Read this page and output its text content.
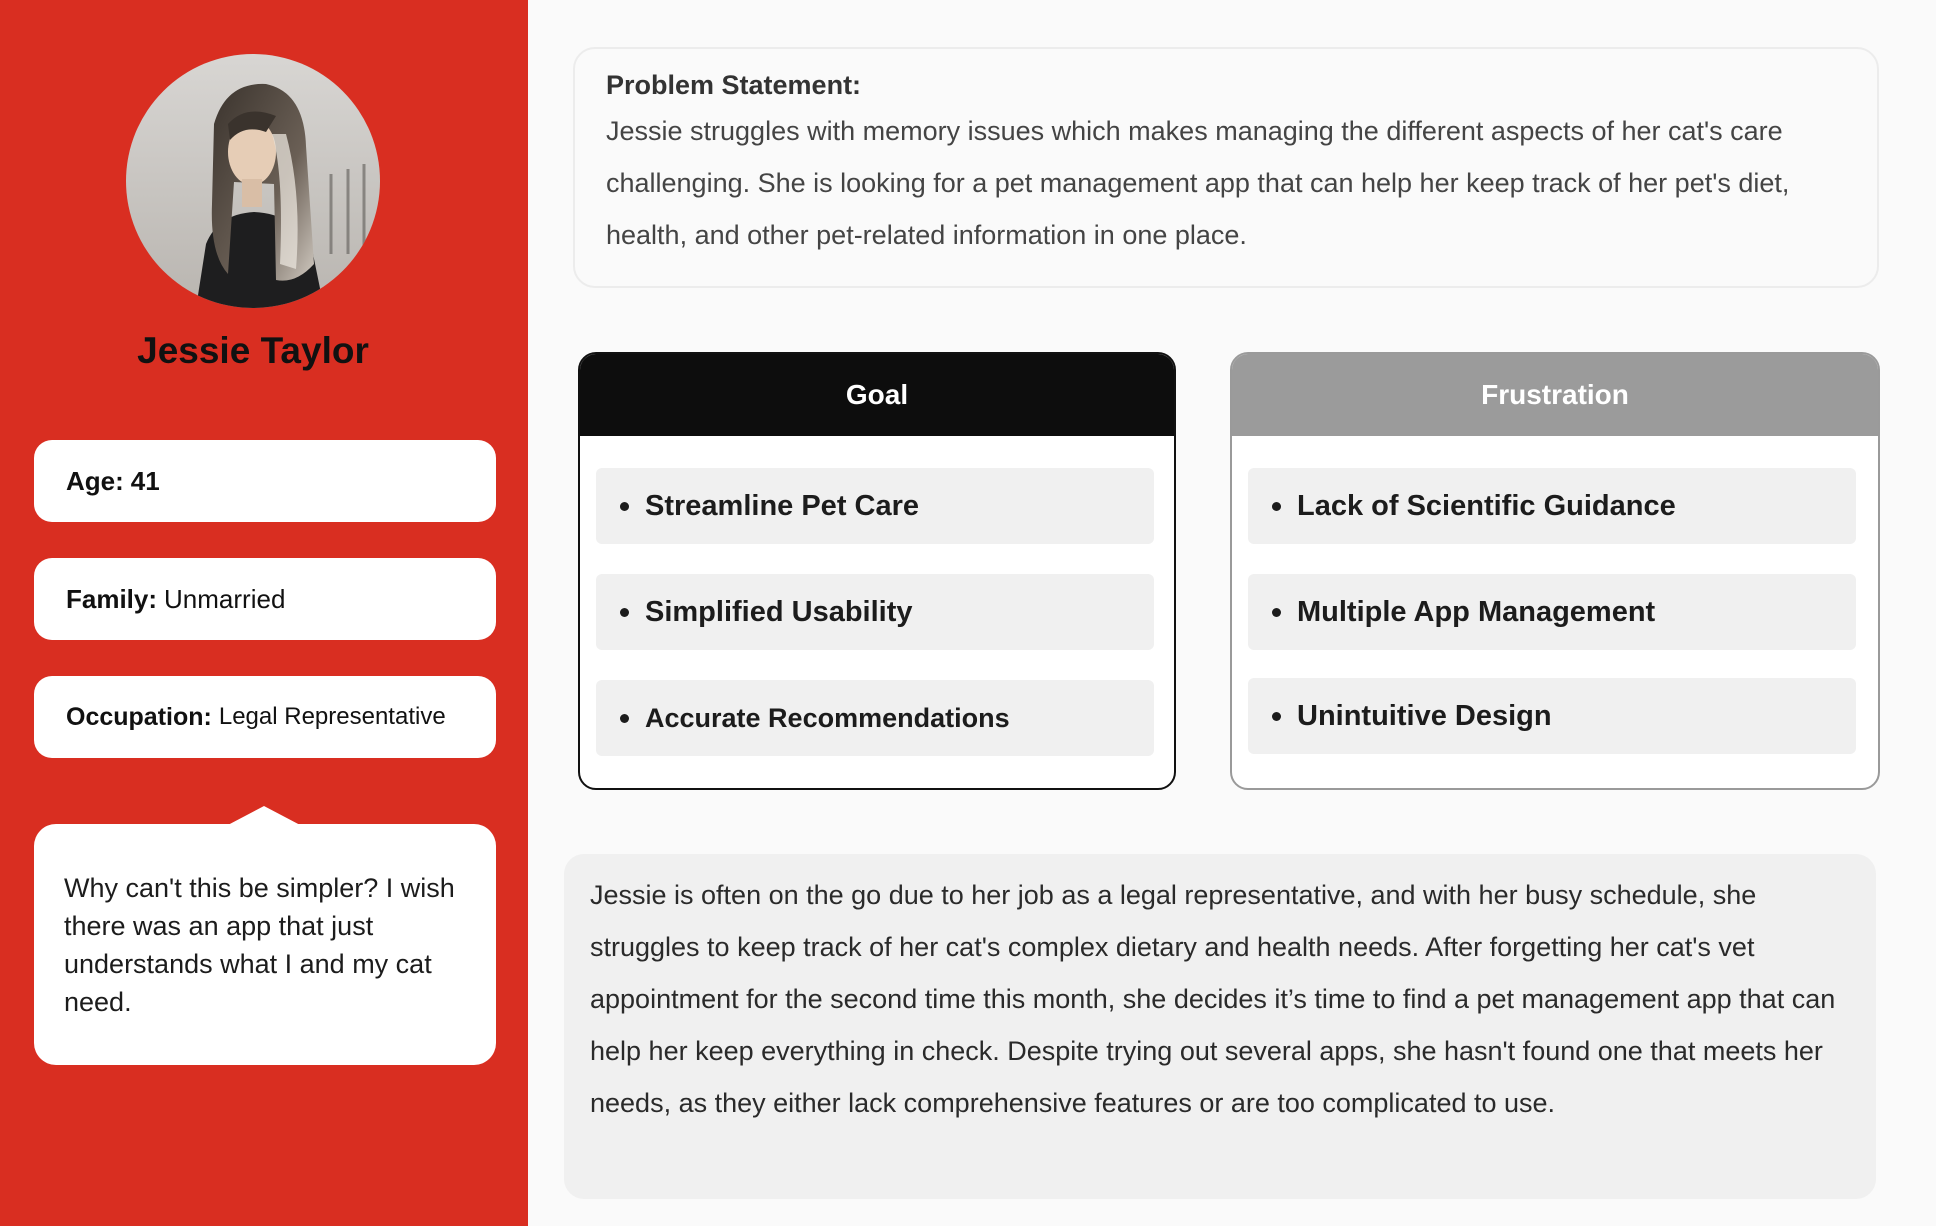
Jessie Taylor
Age: 41
Family: Unmarried
Occupation: Legal Representative
Why can't this be simpler? I wish there was an app that just understands what I and my cat need.
Problem Statement:
Jessie struggles with memory issues which makes managing the different aspects of her cat's care challenging. She is looking for a pet management app that can help her keep track of her pet's diet, health, and other pet-related information in one place.
Goal
Streamline Pet Care
Simplified Usability
Accurate Recommendations
Frustration
Lack of Scientific Guidance
Multiple App Management
Unintuitive Design
Jessie is often on the go due to her job as a legal representative, and with her busy schedule, she struggles to keep track of her cat's complex dietary and health needs. After forgetting her cat's vet appointment for the second time this month, she decides it’s time to find a pet management app that can help her keep everything in check. Despite trying out several apps, she hasn't found one that meets her needs, as they either lack comprehensive features or are too complicated to use.
